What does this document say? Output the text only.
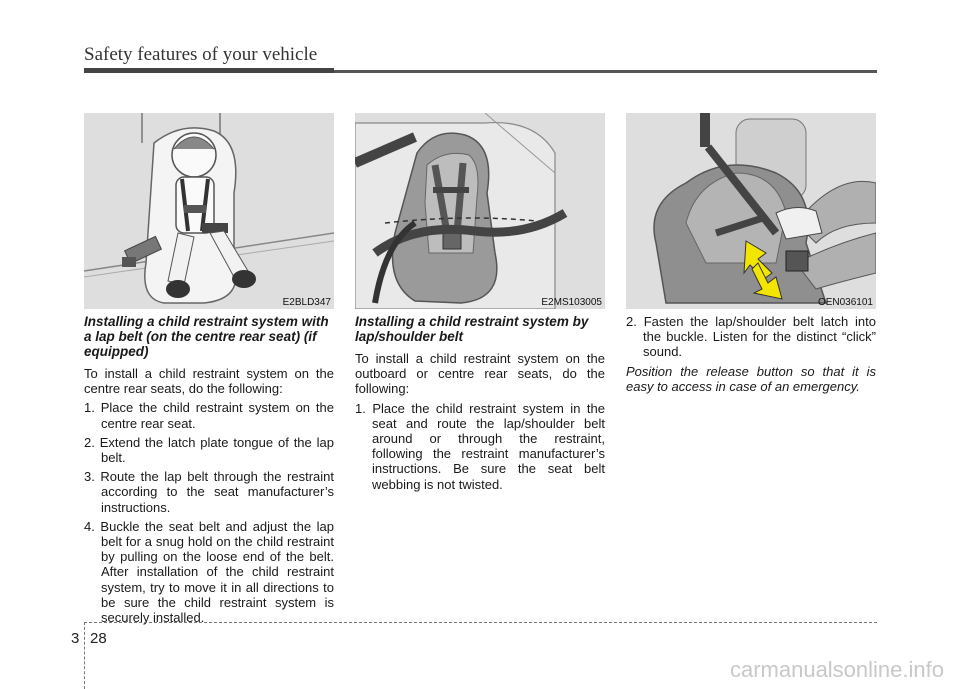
Safety features of your vehicle
E2BLD347	E2MS103005	OEN036101

Installing a child restraint system with a lap belt (on the centre rear seat) (if equipped)

To install a child restraint system on the centre rear seats, do the following:

1. Place the child restraint system on the centre rear seat.
2. Extend the latch plate tongue of the lap belt.
3. Route the lap belt through the restraint according to the seat manufacturer’s instructions.
4. Buckle the seat belt and adjust the lap belt for a snug hold on the child restraint by pulling on the loose end of the belt. After installation of the child restraint system, try to move it in all directions to be sure the child restraint system is securely installed.

Installing a child restraint system by lap/shoulder belt

To install a child restraint system on the outboard or centre rear seats, do the following:

1. Place the child restraint system in the seat and route the lap/shoulder belt around or through the restraint, following the restraint manufacturer’s instructions. Be sure the seat belt webbing is not twisted.
2. Fasten the lap/shoulder belt latch into the buckle. Listen for the distinct “click” sound.

Position the release button so that it is easy to access in case of an emergency.

3 28
carmanualsonline.info
